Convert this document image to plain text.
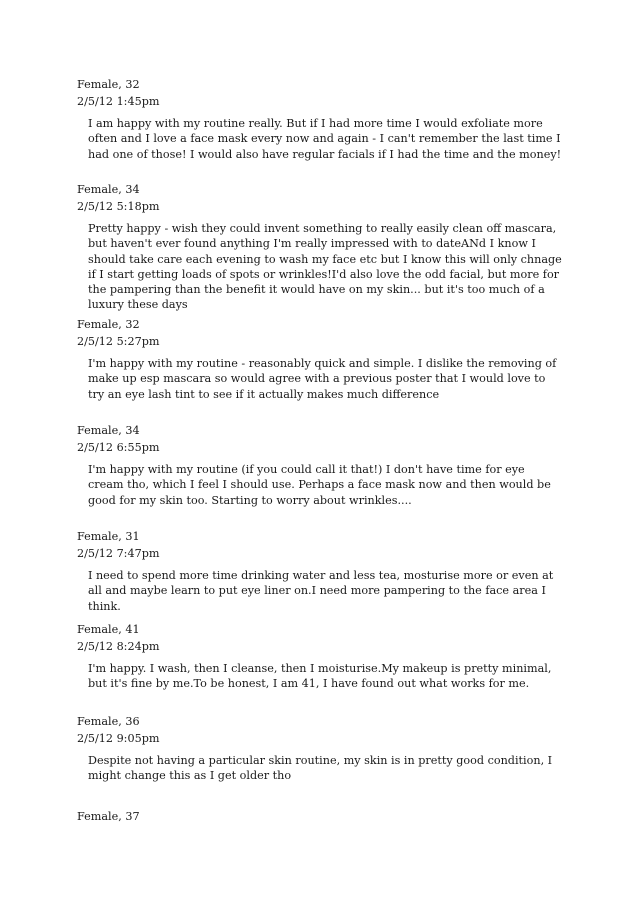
Female, 32
2/5/12 1:45pm
I am happy with my routine really. But if I had more time I would exfoliate more often and I love a face mask every now and again - I can't remember the last time I had one of those! I would also have regular facials if I had the time and the money!
Female, 34
2/5/12 5:18pm
Pretty happy - wish they could invent something to really easily clean off mascara, but haven't ever found anything I'm really impressed with to dateANd I know I should take care each evening to wash my face etc but I know this will only chnage if I start getting loads of spots or wrinkles!I'd also love the odd facial, but more for the pampering than the benefit it would have on my skin... but it's too much of a luxury these days
Female, 32
2/5/12 5:27pm
I'm happy with my routine - reasonably quick and simple. I dislike the removing of make up esp mascara so would agree with a previous poster that I would love to try an eye lash tint to see if it actually makes much difference
Female, 34
2/5/12 6:55pm
I'm happy with my routine (if you could call it that!) I don't have time for eye cream tho, which I feel I should use. Perhaps a face mask now and then would be good for my skin too. Starting to worry about wrinkles....
Female, 31
2/5/12 7:47pm
I need to spend more time drinking water and less tea, mosturise more or even at all and maybe learn to put eye liner on.I need more pampering to the face area I think.
Female, 41
2/5/12 8:24pm
I'm happy. I wash, then I cleanse, then I moisturise.My makeup is pretty minimal, but it's fine by me.To be honest, I am 41, I have found out what works for me.
Female, 36
2/5/12 9:05pm
Despite not having a particular skin routine, my skin is in pretty good condition, I might change this as I get older tho
Female, 37
